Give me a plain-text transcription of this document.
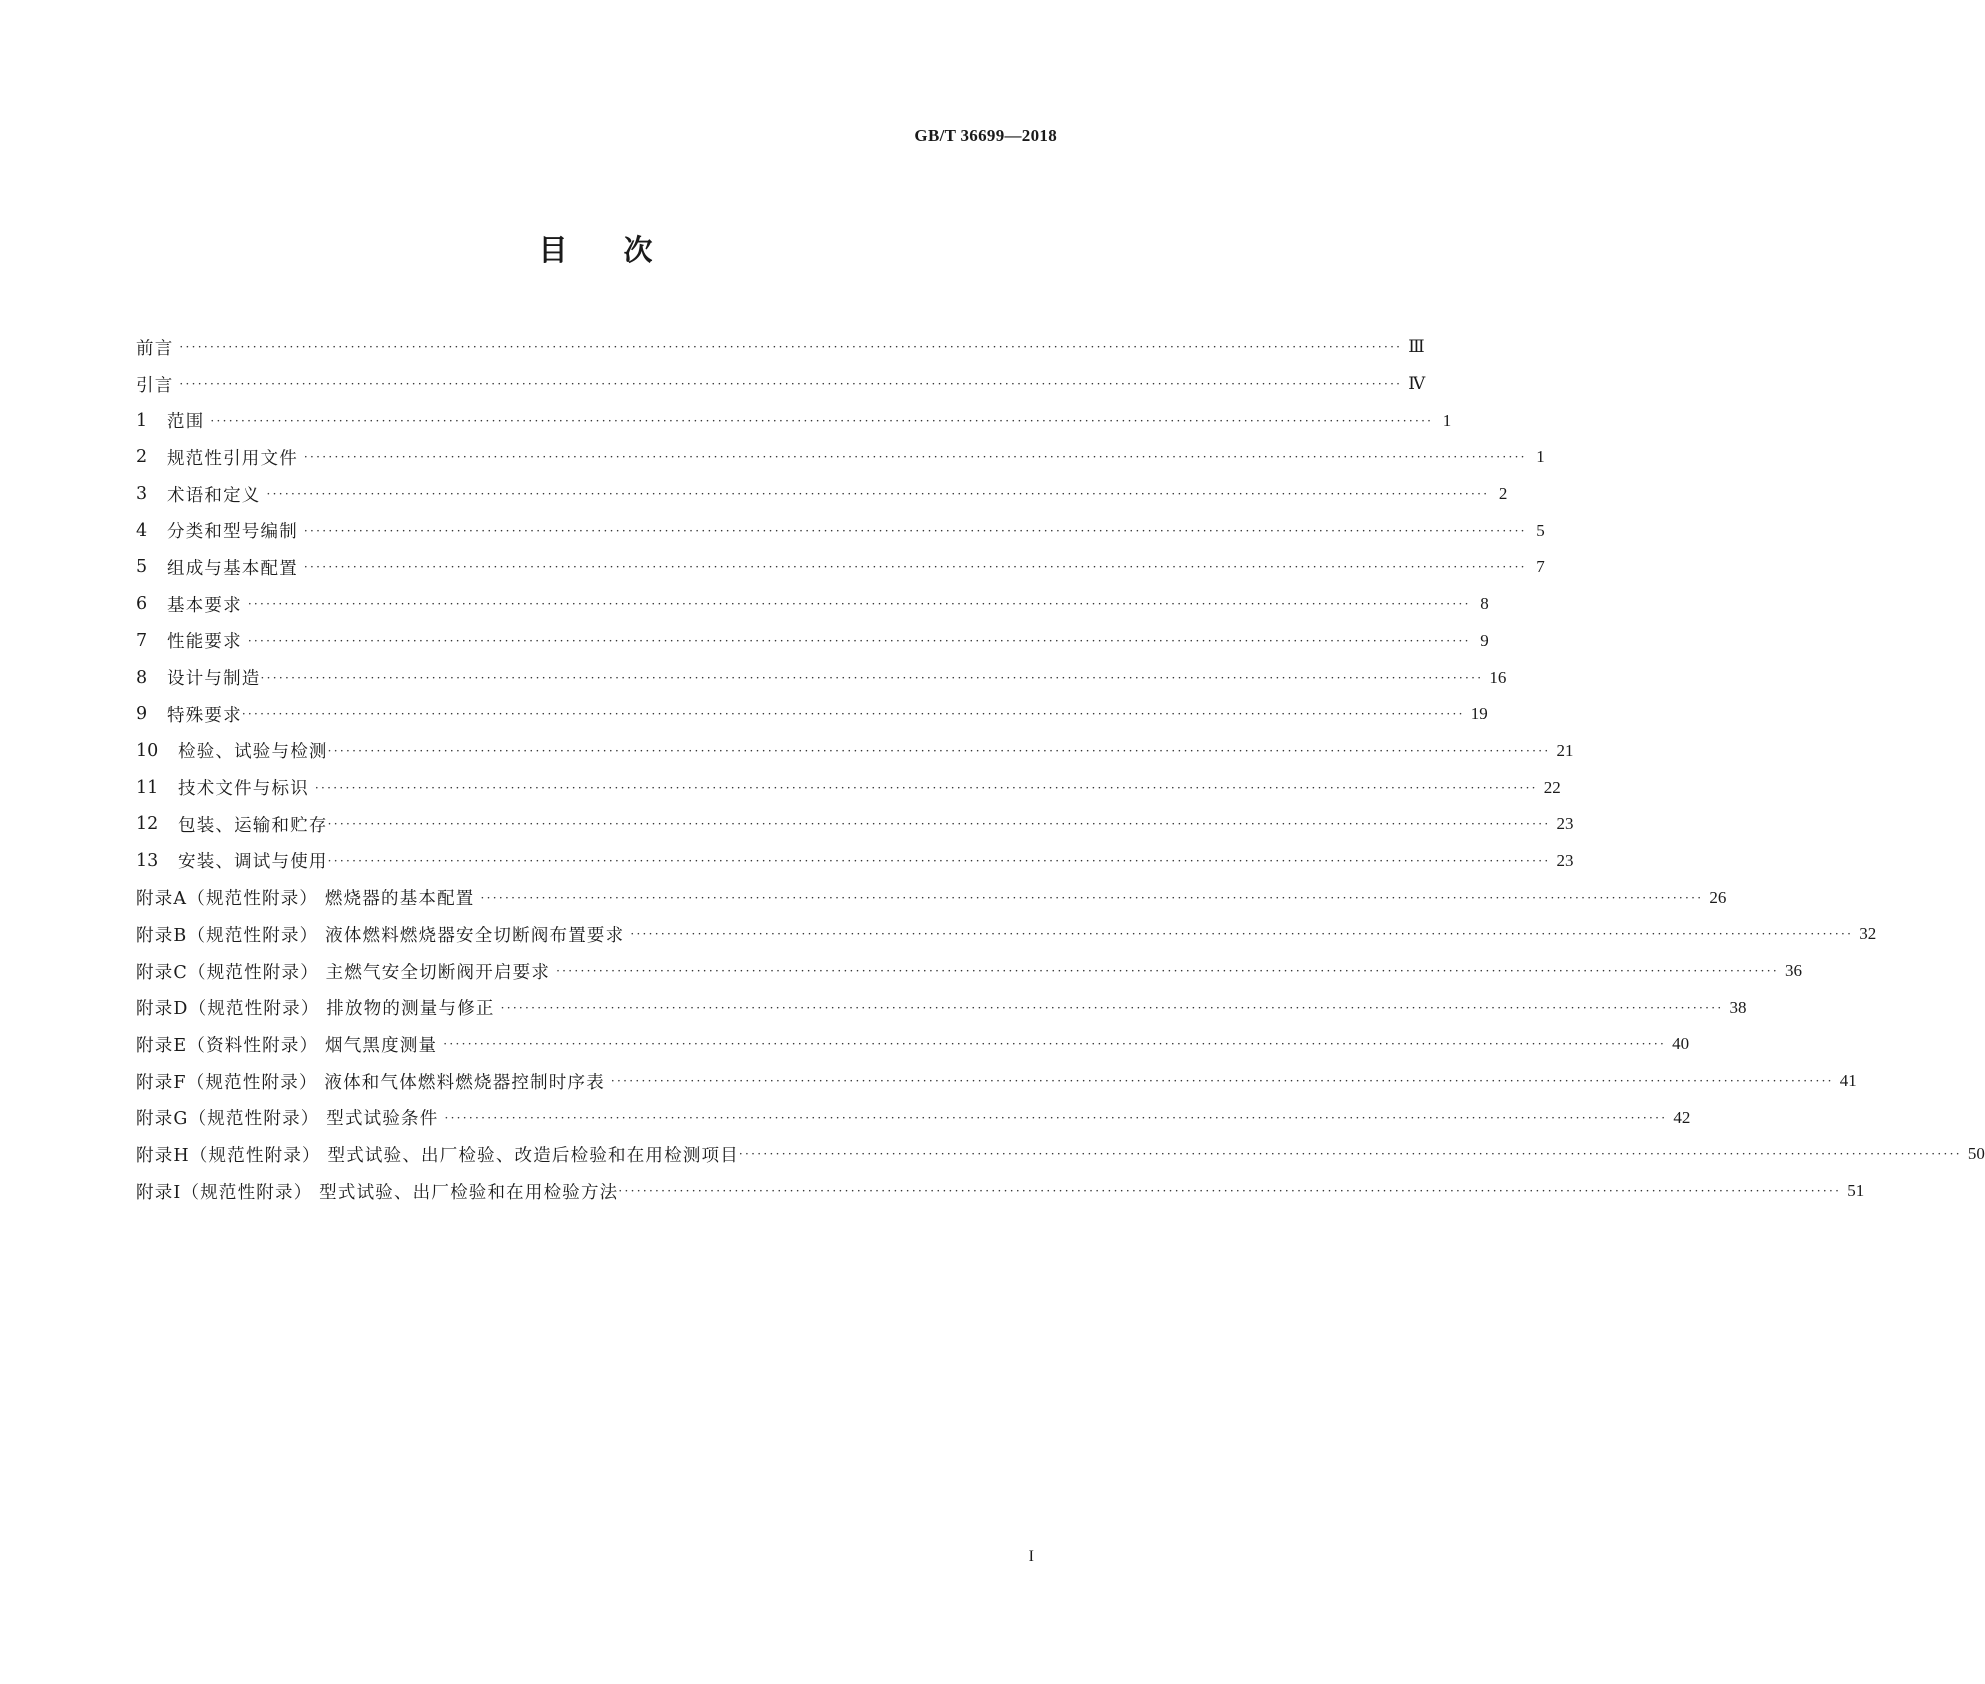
GB/T 36699—2018
目次
前言 ········································································································································································································ Ⅲ
引言 ········································································································································································································ Ⅳ
1	范围 ········································································································································································································ 1
2	规范性引用文件 ········································································································································································································ 1
3	术语和定义 ········································································································································································································ 2
4	分类和型号编制 ········································································································································································································ 5
5	组成与基本配置 ········································································································································································································ 7
6	基本要求 ········································································································································································································ 8
7	性能要求 ········································································································································································································ 9
8	设计与制造 ········································································································································································································ 16
9	特殊要求 ········································································································································································································ 19
10	检验、试验与检测 ········································································································································································································ 21
11	技术文件与标识 ········································································································································································································ 22
12	包装、运输和贮存 ········································································································································································································ 23
13	安装、调试与使用 ········································································································································································································ 23
附录A（规范性附录） 燃烧器的基本配置 ········································································································································································································ 26
附录B（规范性附录） 液体燃料燃烧器安全切断阀布置要求 ········································································································································································································ 32
附录C（规范性附录） 主燃气安全切断阀开启要求 ········································································································································································································ 36
附录D（规范性附录） 排放物的测量与修正 ········································································································································································································ 38
附录E（资料性附录） 烟气黑度测量 ········································································································································································································ 40
附录F（规范性附录） 液体和气体燃料燃烧器控制时序表 ········································································································································································································ 41
附录G（规范性附录） 型式试验条件 ········································································································································································································ 42
附录H（规范性附录） 型式试验、出厂检验、改造后检验和在用检测项目 ········································································································································································································ 50
附录I（规范性附录） 型式试验、出厂检验和在用检验方法 ········································································································································································································ 51
I
